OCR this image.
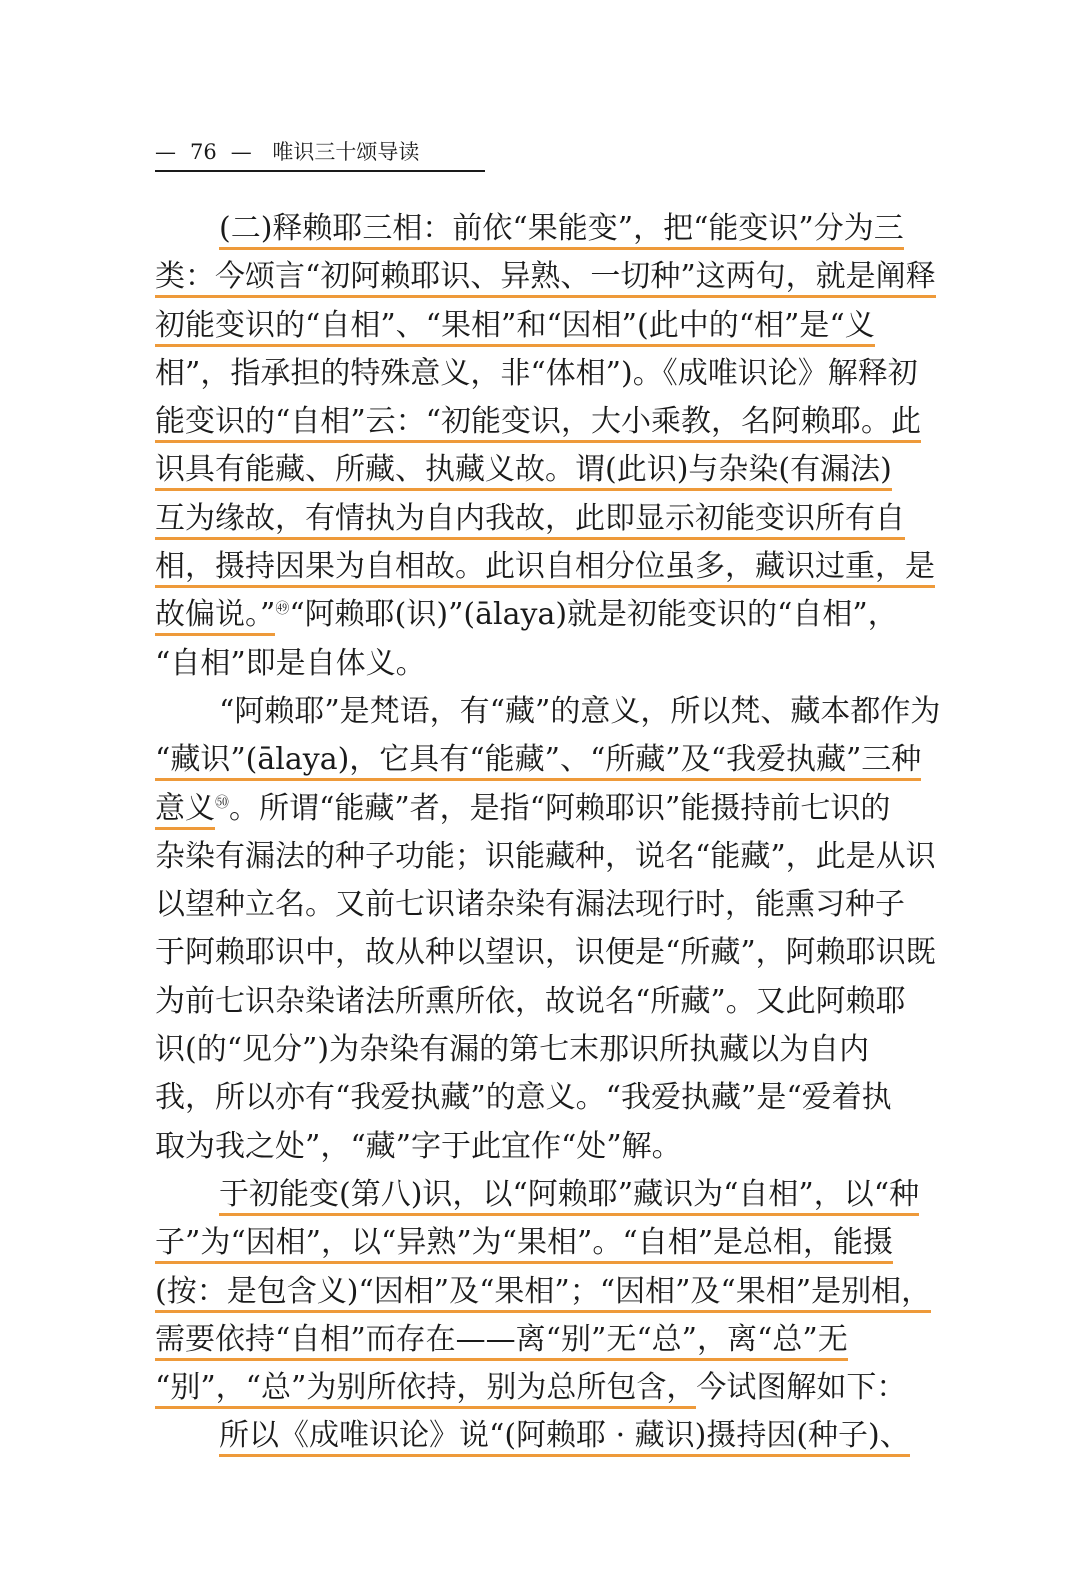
— 76 — 唯识三十颂导读
(二)释赖耶三相：前依“果能变”，把“能变识”分为三
类：今颂言“初阿赖耶识、异熟、一切种”这两句，就是阐释
初能变识的“自相”、“果相”和“因相”(此中的“相”是“义
相”，指承担的特殊意义，非“体相”)。《成唯识论》解释初
能变识的“自相”云：“初能变识，大小乘教，名阿赖耶。此
识具有能藏、所藏、执藏义故。谓(此识)与杂染(有漏法)
互为缘故，有情执为自内我故，此即显示初能变识所有自
相，摄持因果为自相故。此识自相分位虽多，藏识过重，是
故偏说。”$^㊾$“阿赖耶(识)”(ālaya)就是初能变识的“自相”，
“自相”即是自体义。
“阿赖耶”是梵语，有“藏”的意义，所以梵、藏本都作为
“藏识”(ālaya)，它具有“能藏”、“所藏”及“我爱执藏”三种
意义$^㊿$。所谓“能藏”者，是指“阿赖耶识”能摄持前七识的
杂染有漏法的种子功能；识能藏种，说名“能藏”，此是从识
以望种立名。又前七识诸杂染有漏法现行时，能熏习种子
于阿赖耶识中，故从种以望识，识便是“所藏”，阿赖耶识既
为前七识杂染诸法所熏所依，故说名“所藏”。又此阿赖耶
识(的“见分”)为杂染有漏的第七末那识所执藏以为自内
我，所以亦有“我爱执藏”的意义。“我爱执藏”是“爱着执
取为我之处”，“藏”字于此宜作“处”解。
于初能变(第八)识，以“阿赖耶”藏识为“自相”，以“种
子”为“因相”，以“异熟”为“果相”。“自相”是总相，能摄
(按：是包含义)“因相”及“果相”；“因相”及“果相”是别相，
需要依持“自相”而存在——离“别”无“总”，离“总”无
“别”，“总”为别所依持，别为总所包含，今试图解如下：
所以《成唯识论》说“(阿赖耶 · 藏识)摄持因(种子)、
